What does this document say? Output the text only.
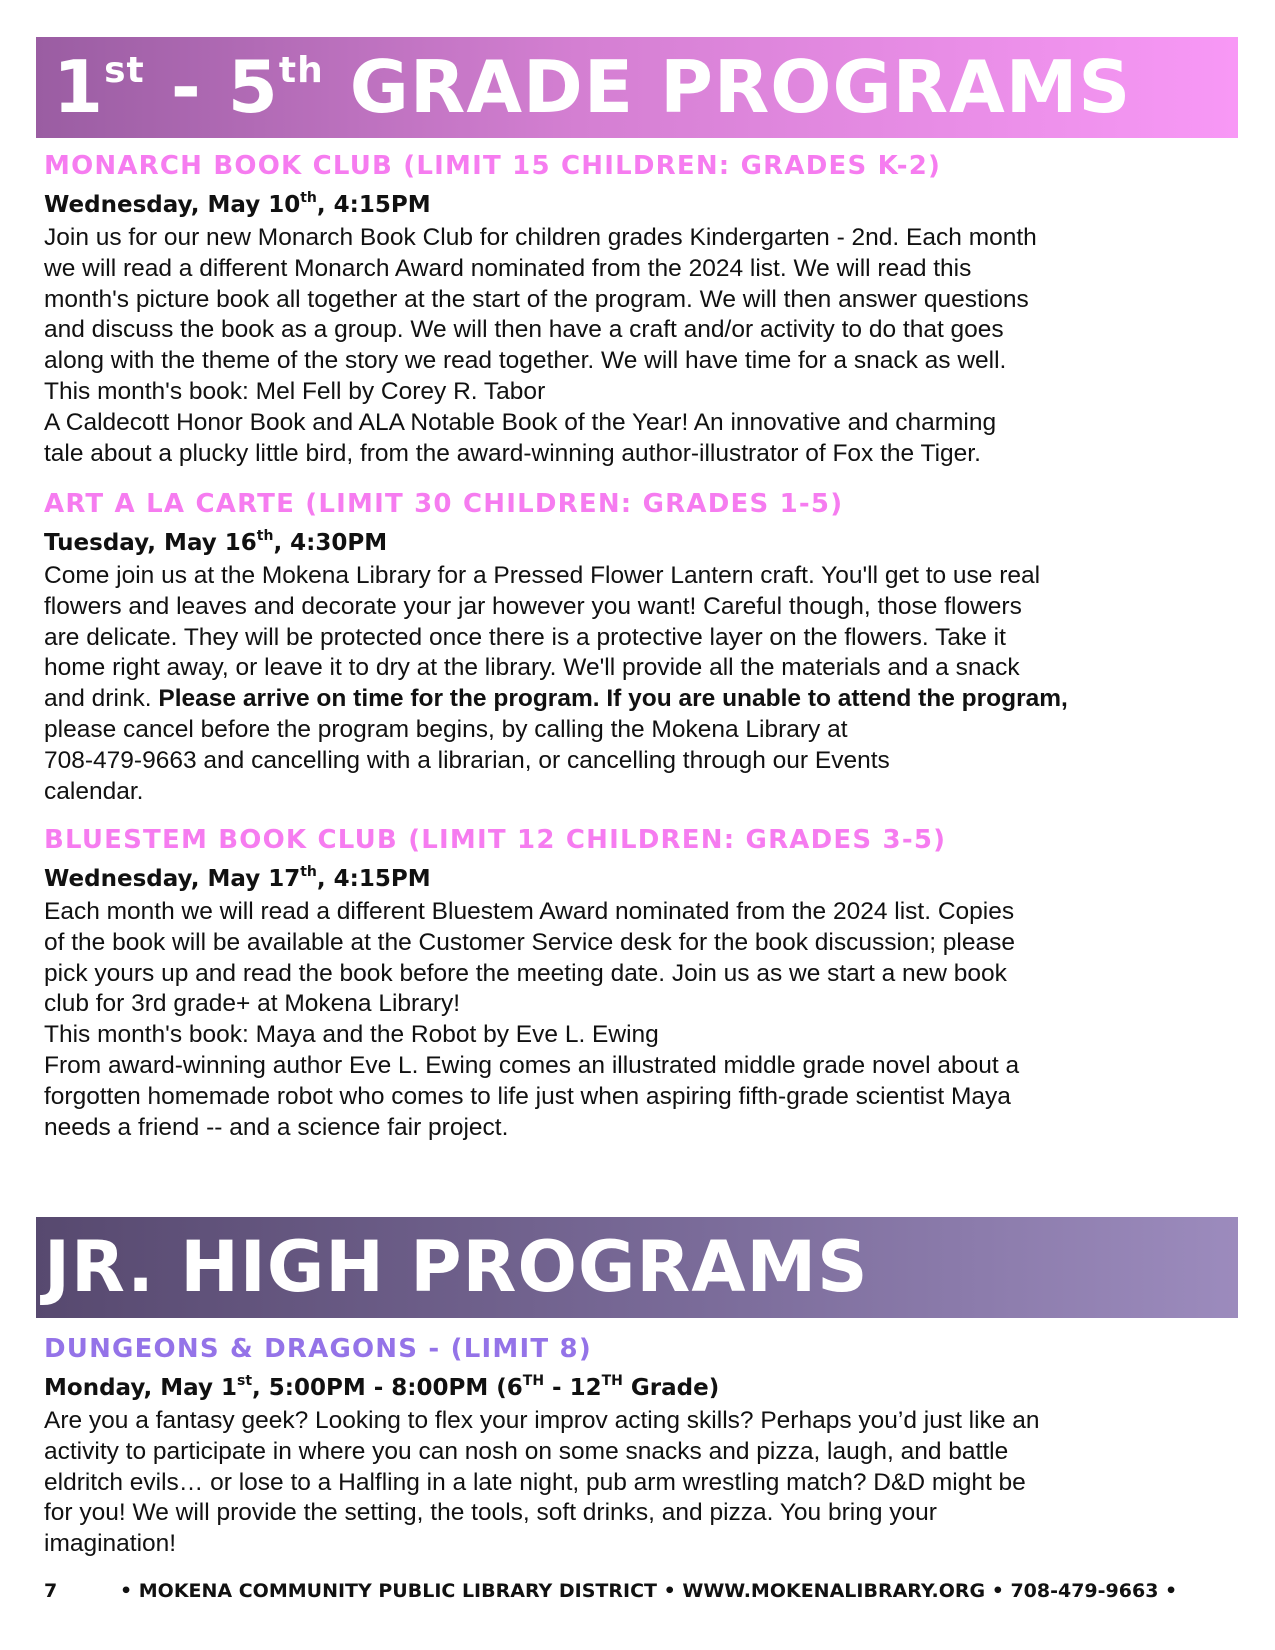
1st - 5th GRADE PROGRAMS

MONARCH BOOK CLUB (LIMIT 15 CHILDREN: GRADES K-2)

Wednesday, May 10th, 4:15PM

Join us for our new Monarch Book Club for children grades Kindergarten - 2nd. Each month

we will read a different Monarch Award nominated from the 2024 list. We will read this

month's picture book all together at the start of the program. We will then answer questions

and discuss the book as a group. We will then have a craft and/or activity to do that goes

along with the theme of the story we read together. We will have time for a snack as well.

This month's book: Mel Fell by Corey R. Tabor

A Caldecott Honor Book and ALA Notable Book of the Year! An innovative and charming

tale about a plucky little bird, from the award-winning author-illustrator of Fox the Tiger.

ART A LA CARTE (LIMIT 30 CHILDREN: GRADES 1-5)

Tuesday, May 16th, 4:30PM

Come join us at the Mokena Library for a Pressed Flower Lantern craft. You'll get to use real

flowers and leaves and decorate your jar however you want! Careful though, those flowers

are delicate. They will be protected once there is a protective layer on the flowers. Take it

home right away, or leave it to dry at the library. We'll provide all the materials and a snack

and drink. Please arrive on time for the program. If you are unable to attend the program,

please cancel before the program begins, by calling the Mokena Library at

708-479-9663 and cancelling with a librarian, or cancelling through our Events

calendar.

BLUESTEM BOOK CLUB (LIMIT 12 CHILDREN: GRADES 3-5)

Wednesday, May 17th, 4:15PM

Each month we will read a different Bluestem Award nominated from the 2024 list. Copies

of the book will be available at the Customer Service desk for the book discussion; please

pick yours up and read the book before the meeting date. Join us as we start a new book

club for 3rd grade+ at Mokena Library!

This month's book: Maya and the Robot by Eve L. Ewing

From award-winning author Eve L. Ewing comes an illustrated middle grade novel about a

forgotten homemade robot who comes to life just when aspiring fifth-grade scientist Maya

needs a friend -- and a science fair project.

JR. HIGH PROGRAMS

DUNGEONS & DRAGONS - (LIMIT 8)

Monday, May 1st, 5:00PM - 8:00PM (6TH - 12TH Grade)

Are you a fantasy geek? Looking to flex your improv acting skills? Perhaps you’d just like an

activity to participate in where you can nosh on some snacks and pizza, laugh, and battle

eldritch evils… or lose to a Halfling in a late night, pub arm wrestling match? D&D might be

for you! We will provide the setting, the tools, soft drinks, and pizza. You bring your

imagination!

7	• MOKENA COMMUNITY PUBLIC LIBRARY DISTRICT • WWW.MOKENALIBRARY.ORG • 708-479-9663 •
